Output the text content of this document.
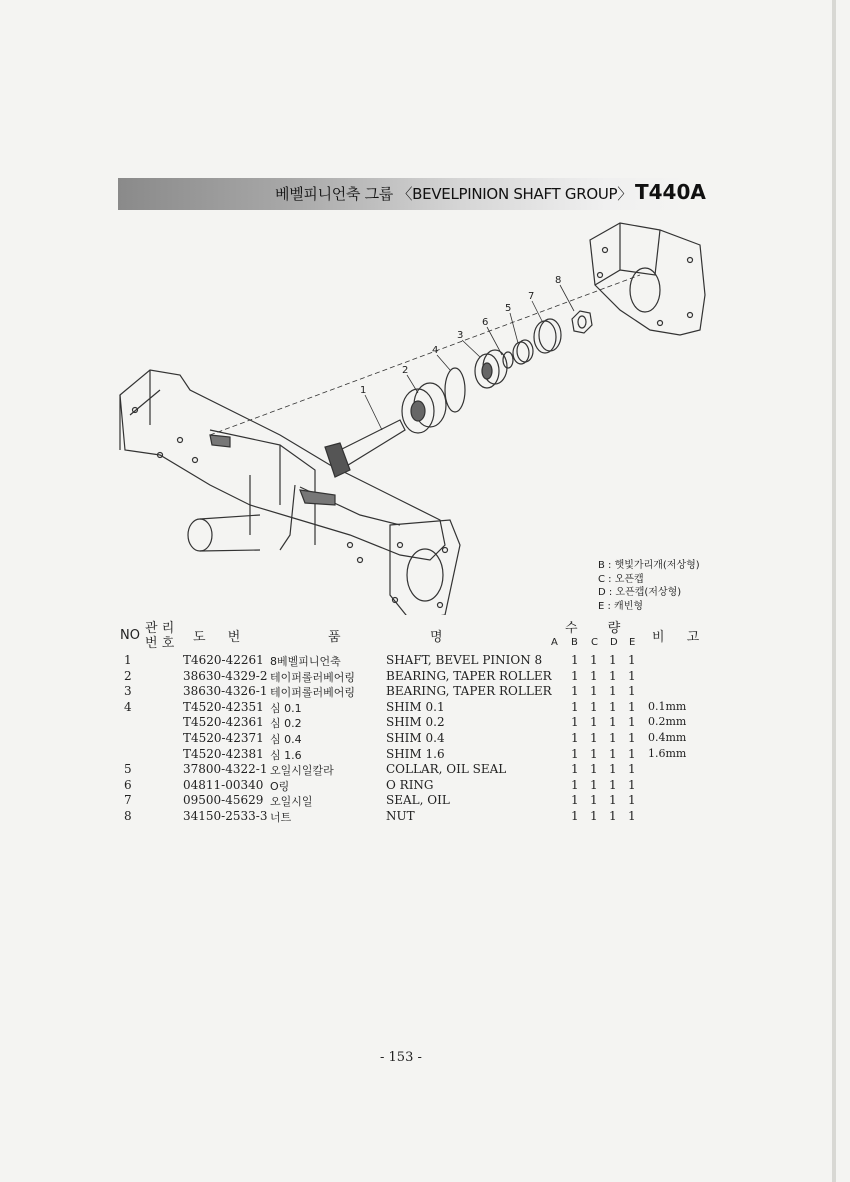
베벨피니언축 그룹 〈BEVELPINION SHAFT GROUP〉 T440A
1
2
3
4
5
6
7
8
B : 햇빛가리개(저상형)
C : 오픈캡
D : 오픈캡(저상형)
E : 캐빈형
NO 관 리
번 호 도 번	품	명
수 량
A B C D E 비 고
1	T4620-42261 8베벨피니언축	SHAFT, BEVEL PINION 8 1 1 1 1
2	38630-4329-2 테이퍼롤러베어링	BEARING, TAPER ROLLER 1 1 1 1
3	38630-4326-1 테이퍼롤러베어링	BEARING, TAPER ROLLER 1 1 1 1
4	T4520-42351 심 0.1	SHIM 0.1	1 1 1 1 0.1mm
T4520-42361 심 0.2	SHIM 0.2	1 1 1 1 0.2mm
T4520-42371 심 0.4	SHIM 0.4	1 1 1 1 0.4mm
T4520-42381 심 1.6	SHIM 1.6	1 1 1 1 1.6mm
5	37800-4322-1 오일시일칼라	COLLAR, OIL SEAL	1 1 1 1
6	04811-00340 O링	O RING	1 1 1 1
7	09500-45629 오일시일	SEAL, OIL	1 1 1 1
8	34150-2533-3 너트	NUT	1 1 1 1
- 153 -
